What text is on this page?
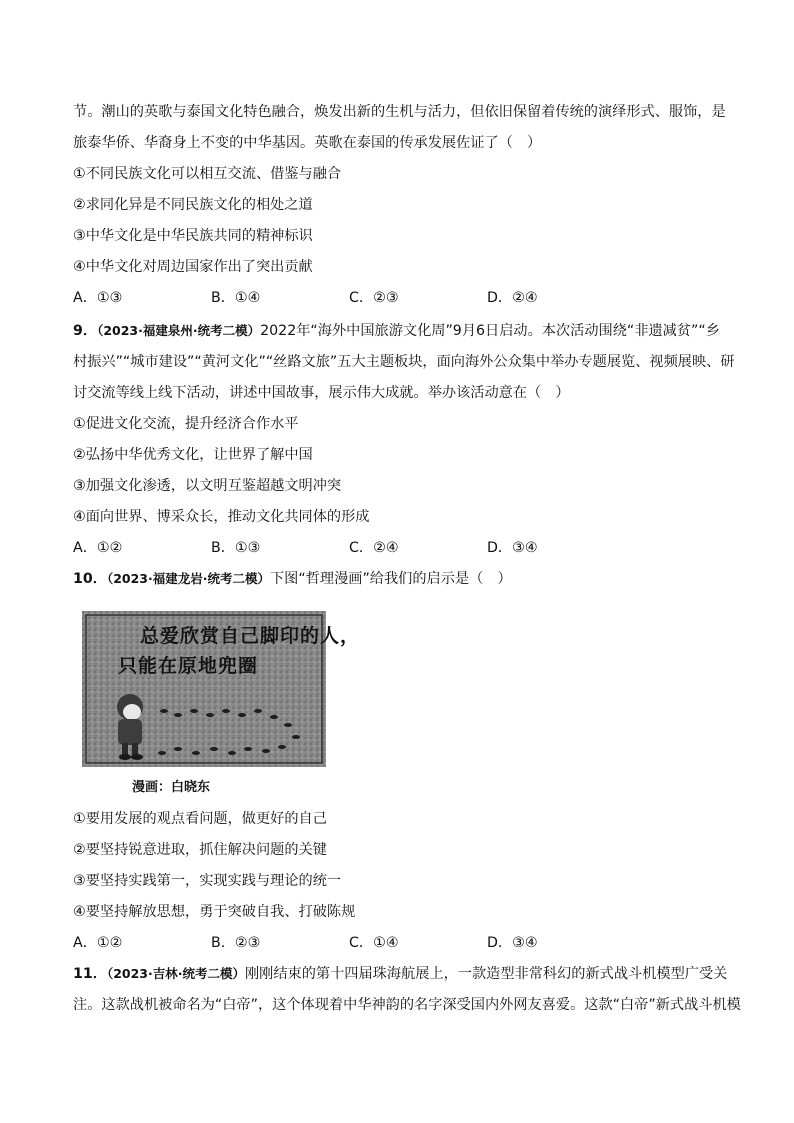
节。潮山的英歌与泰国文化特色融合，焕发出新的生机与活力，但依旧保留着传统的演绎形式、服饰，是
旅泰华侨、华裔身上不变的中华基因。英歌在泰国的传承发展佐证了（　）
①不同民族文化可以相互交流、借鉴与融合
②求同化异是不同民族文化的相处之道
③中华文化是中华民族共同的精神标识
④中华文化对周边国家作出了突出贡献
A．①③	B．①④	C．②③	D．②④
9．（2023·福建泉州·统考二模）2022年“海外中国旅游文化周”9月6日启动。本次活动围绕“非遗减贫”“乡
村振兴”“城市建设”“黄河文化”“丝路文旅”五大主题板块，面向海外公众集中举办专题展览、视频展映、研
讨交流等线上线下活动，讲述中国故事，展示伟大成就。举办该活动意在（　）
①促进文化交流，提升经济合作水平
②弘扬中华优秀文化，让世界了解中国
③加强文化渗透，以文明互鉴超越文明冲突
④面向世界、博采众长，推动文化共同体的形成
A．①②	B．①③	C．②④	D．③④
10．（2023·福建龙岩·统考二模）下图“哲理漫画”给我们的启示是（　）
总爱欣赏自己脚印的人，
只能在原地兜圈
漫画：白晓东
①要用发展的观点看问题，做更好的自己
②要坚持锐意进取，抓住解决问题的关键
③要坚持实践第一，实现实践与理论的统一
④要坚持解放思想，勇于突破自我、打破陈规
A．①②	B．②③	C．①④	D．③④
11．（2023·吉林·统考二模）刚刚结束的第十四届珠海航展上，一款造型非常科幻的新式战斗机模型广受关
注。这款战机被命名为“白帝”，这个体现着中华神韵的名字深受国内外网友喜爱。这款“白帝”新式战斗机模
